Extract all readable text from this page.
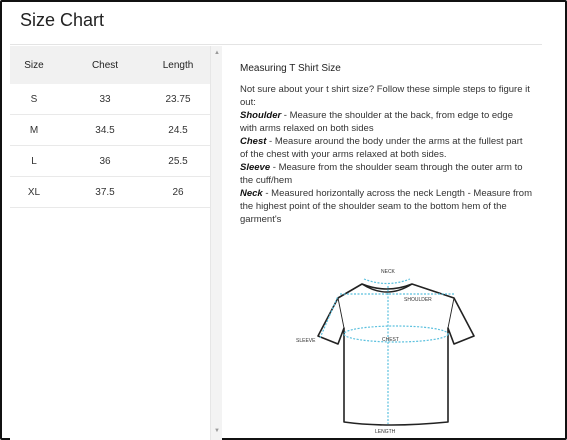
Size Chart
Size	Chest	Length
S	33	23.75
M	34.5	24.5
L	36	25.5
XL	37.5	26
▲
▼
Measuring T Shirt Size
Not sure about your t shirt size? Follow these simple steps to figure it out:
Shoulder - Measure the shoulder at the back, from edge to edge with arms relaxed on both sides
Chest - Measure around the body under the arms at the fullest part of the chest with your arms relaxed at both sides.
Sleeve - Measure from the shoulder seam through the outer arm to the cuff/hem
Neck - Measured horizontally across the neck Length - Measure from the highest point of the shoulder seam to the bottom hem of the garment's
NECK
SHOULDER
SLEEVE	CHEST
LENGTH
